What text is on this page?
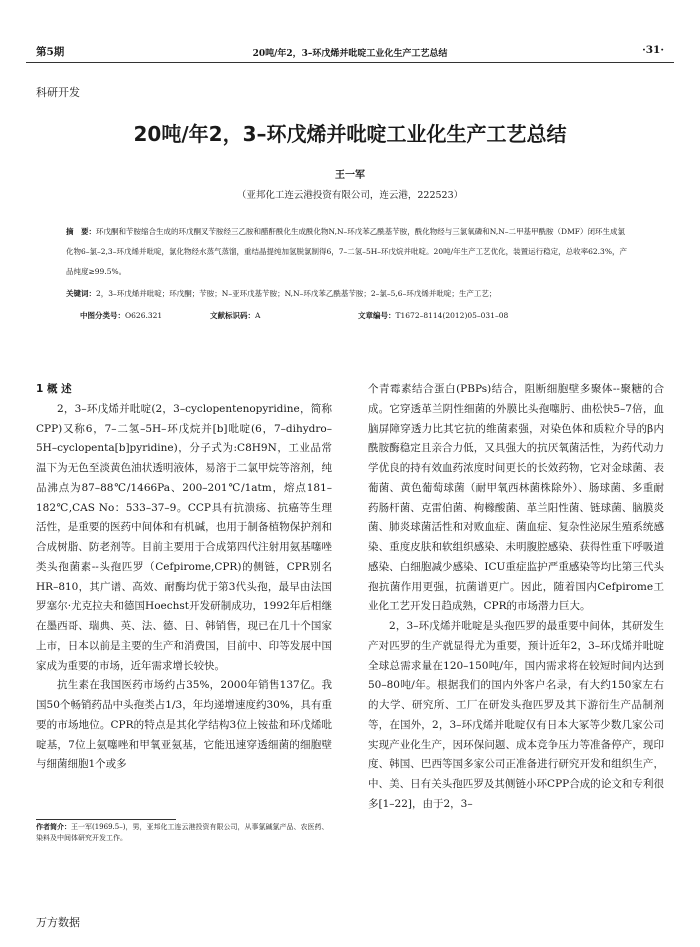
第5期	20吨/年2，3–环戊烯并吡啶工业化生产工艺总结	·31·
科研开发
20吨/年2，3–环戊烯并吡啶工业化生产工艺总结
王一军
（亚邦化工连云港投资有限公司，连云港，222523）
摘　要：环戊酮和苄胺缩合生成的环戊酮叉苄胺经三乙胺和醋酐酰化生成酰化物N,N–环戊苯乙酰基苄胺，酰化物经与三氯氧磷和N,N–二甲基甲酰胺（DMF）闭环生成氯化物6–氯–2,3–环戊烯并吡啶，氯化物经水蒸气蒸馏，重结晶提纯加氢脱氯制得6，7–二氢–5H–环戊烷并吡啶。20吨/年生产工艺优化，装置运行稳定，总收率62.3%，产品纯度≥99.5%。
关键词：2，3–环戊烯并吡啶；环戊酮；苄胺；N–亚环戊基苄胺；N,N–环戊苯乙酰基苄胺；2–氯–5,6–环戊烯并吡啶；生产工艺；
中图分类号：O626.321	文献标识码：A	文章编号：T1672–8114(2012)05–031–08

1 概 述

2，3–环戊烯并吡啶(2，3–cyclopentenopyridine，简称CPP)又称6，7–二氢–5H–环戊烷并[b]吡啶(6，7–dihydro–5H–cyclopenta[b]pyridine)，分子式为:C8H9N，工业品常温下为无色至淡黄色油状透明液体，易溶于二氯甲烷等溶剂，纯品沸点为87–88℃/1466Pa、200–201℃/1atm，熔点181–182℃,CAS No：533–37–9。CCP具有抗溃疡、抗癌等生理活性，是重要的医药中间体和有机碱，也用于制备植物保护剂和合成树脂、防老剂等。目前主要用于合成第四代注射用氨基噻唑类头孢菌素--头孢匹罗（Cefpirome,CPR)的侧链，CPR别名HR–810，其广谱、高效、耐酶均优于第3代头孢，最早由法国罗塞尔·尤克拉夫和德国Hoechst开发研制成功，1992年后相继在墨西哥、瑞典、英、法、德、日、韩销售，现已在几十个国家上市，日本以前是主要的生产和消费国，目前中、印等发展中国家成为重要的市场，近年需求增长较快。

抗生素在我国医药市场约占35%，2000年销售137亿。我国50个畅销药品中头孢类占1/3，年均递增速度约30%，具有重要的市场地位。CPR的特点是其化学结构3位上铵盐和环戊烯吡啶基，7位上氨噻唑和甲氧亚氨基，它能迅速穿透细菌的细胞壁与细菌细胞1个或多

个青霉素结合蛋白(PBPs)结合，阻断细胞壁多聚体--聚糖的合成。它穿透革兰阴性细菌的外膜比头孢噻肟、曲松快5–7倍，血脑屏障穿透力比其它抗的维菌素强，对染色体和质粒介导的β内酰胺酶稳定且亲合力低，又具强大的抗厌氧菌活性，为药代动力学优良的持有效血药浓度时间更长的长效药物，它对金球菌、表葡菌、黄色葡萄球菌（耐甲氧西林菌株除外）、肠球菌、多重耐药肠杆菌、克雷伯菌、枸橼酸菌、革兰阳性菌、链球菌、脑膜炎菌、肺炎球菌活性和对败血症、菌血症、复杂性泌尿生殖系统感染、重度皮肤和软组织感染、未明腹腔感染、获得性重下呼吸道感染、白细胞减少感染、ICU重症监护严重感染等均比第三代头孢抗菌作用更强，抗菌谱更广。因此，随着国内Cefpirome工业化工艺开发日趋成熟，CPR的市场潜力巨大。

2，3–环戊烯并吡啶是头孢匹罗的最重要中间体，其研发生产对匹罗的生产就显得尤为重要，预计近年2，3–环戊烯并吡啶全球总需求量在120–150吨/年，国内需求将在较短时间内达到50–80吨/年。根据我们的国内外客户名录，有大约150家左右的大学、研究所、工厂在研发头孢匹罗及其下游衍生产品制剂等，在国外，2，3–环戊烯并吡啶仅有日本大冢等少数几家公司实现产业化生产，因环保问题、成本竞争压力等准备停产，现印度、韩国、巴西等国多家公司正准备进行研究开发和组织生产，中、美、日有关头孢匹罗及其侧链小环CPP合成的论文和专利很多[1–22]，由于2，3–

作者简介：王一军(1969.5–)，男，亚邦化工连云港投资有限公司，从事氯碱氯产品、农医药、染料及中间体研究开发工作。
万方数据
